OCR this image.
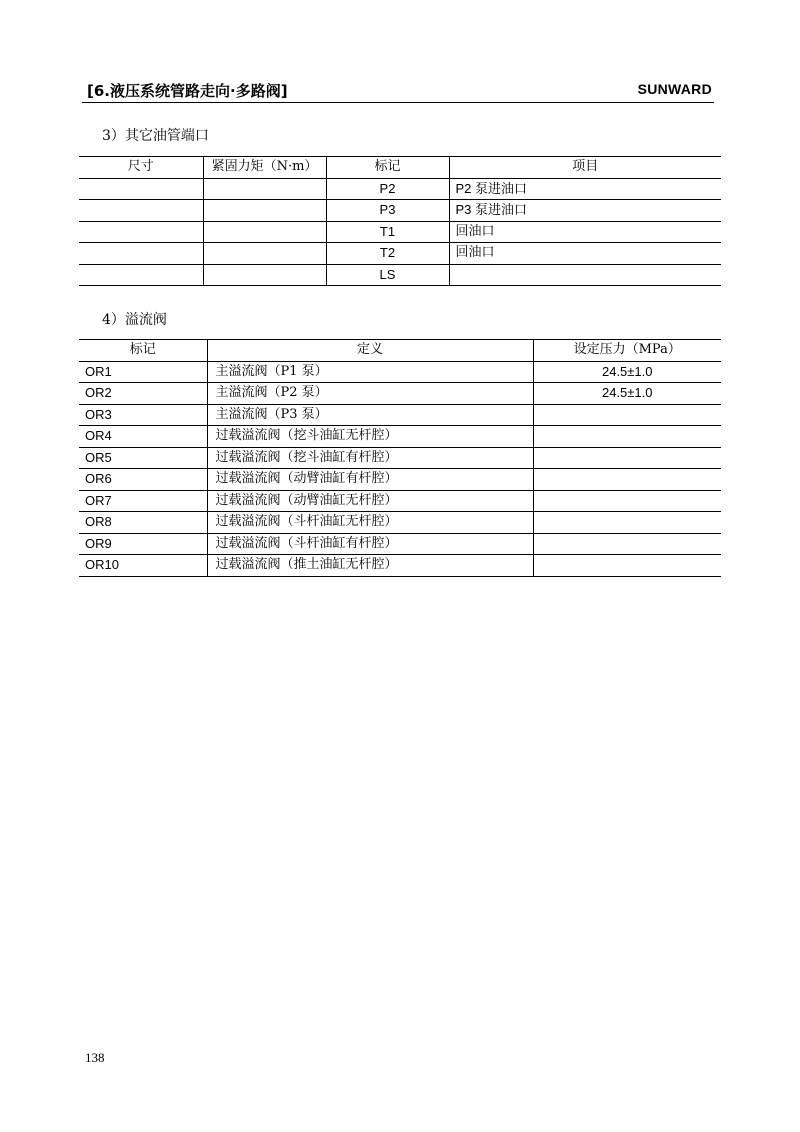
[6.液压系统管路走向·多路阀]	SUNWARD
3）其它油管端口
尺寸	紧固力矩（N·m）	标记	项目
		P2	P2 泵进油口
		P3	P3 泵进油口
		T1	回油口
		T2	回油口
		LS	
4）溢流阀
标记	定义	设定压力（MPa）
OR1	主溢流阀（P1 泵）	24.5±1.0
OR2	主溢流阀（P2 泵）	24.5±1.0
OR3	主溢流阀（P3 泵）	
OR4	过载溢流阀（挖斗油缸无杆腔）	
OR5	过载溢流阀（挖斗油缸有杆腔）	
OR6	过载溢流阀（动臂油缸有杆腔）	
OR7	过载溢流阀（动臂油缸无杆腔）	
OR8	过载溢流阀（斗杆油缸无杆腔）	
OR9	过载溢流阀（斗杆油缸有杆腔）	
OR10	过载溢流阀（推土油缸无杆腔）	
138
